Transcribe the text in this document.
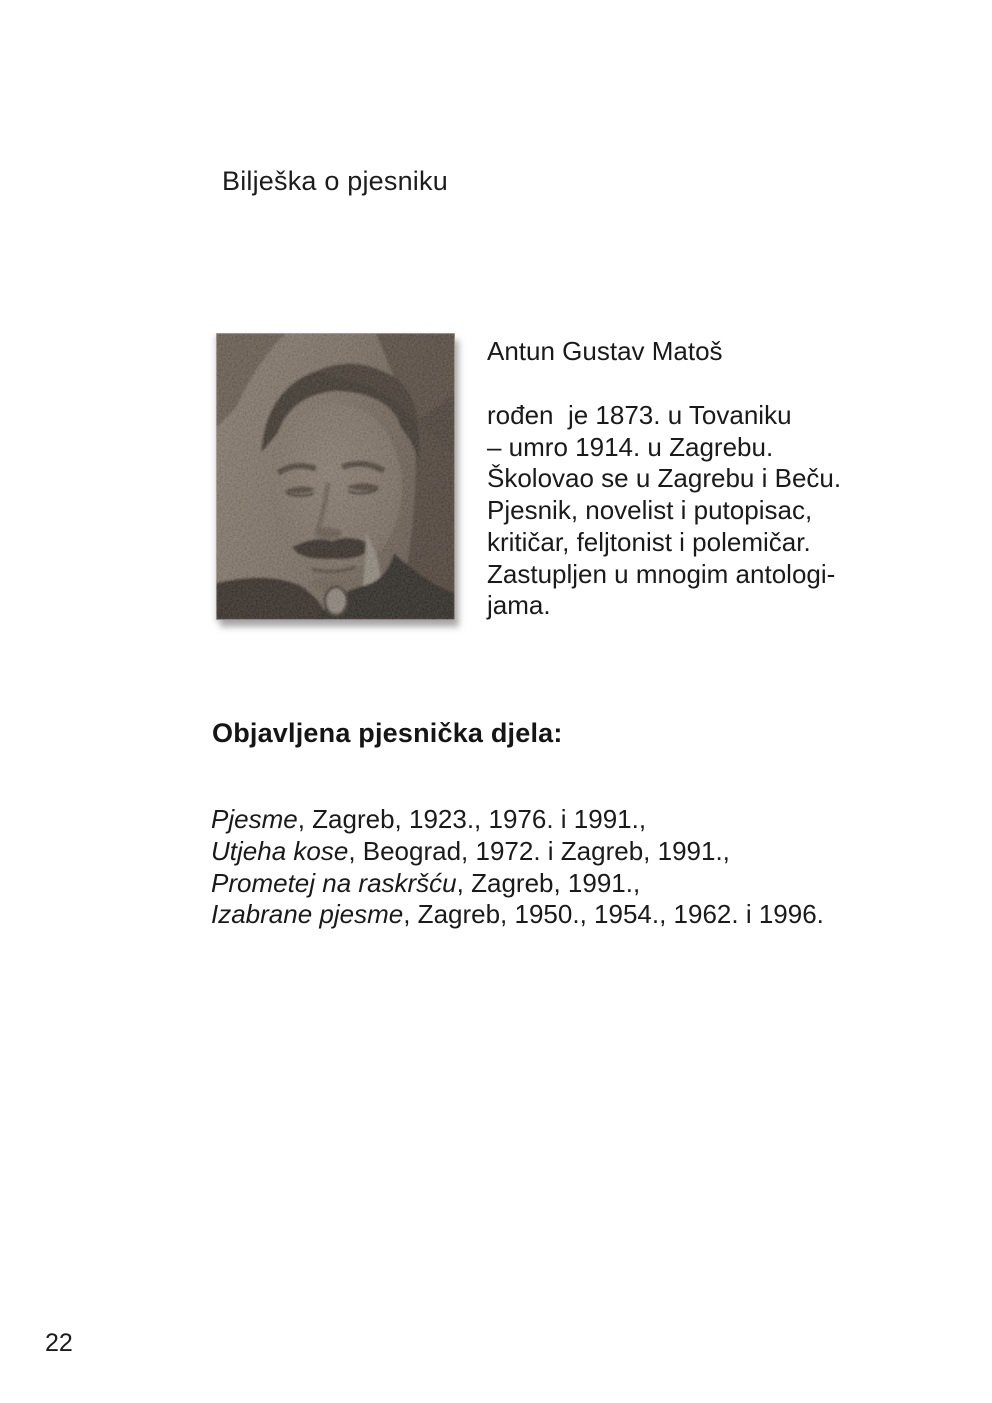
Bilješka o pjesniku
Antun Gustav Matoš
rođen  je 1873. u Tovaniku
– umro 1914. u Zagrebu.
Školovao se u Zagrebu i Beču.
Pjesnik, novelist i putopisac,
kritičar, feljtonist i polemičar.
Zastupljen u mnogim antologi-
jama.
Objavljena pjesnička djela:
Pjesme, Zagreb, 1923., 1976. i 1991.,
Utjeha kose, Beograd, 1972. i Zagreb, 1991.,
Prometej na raskršću, Zagreb, 1991.,
Izabrane pjesme, Zagreb, 1950., 1954., 1962. i 1996.
22
